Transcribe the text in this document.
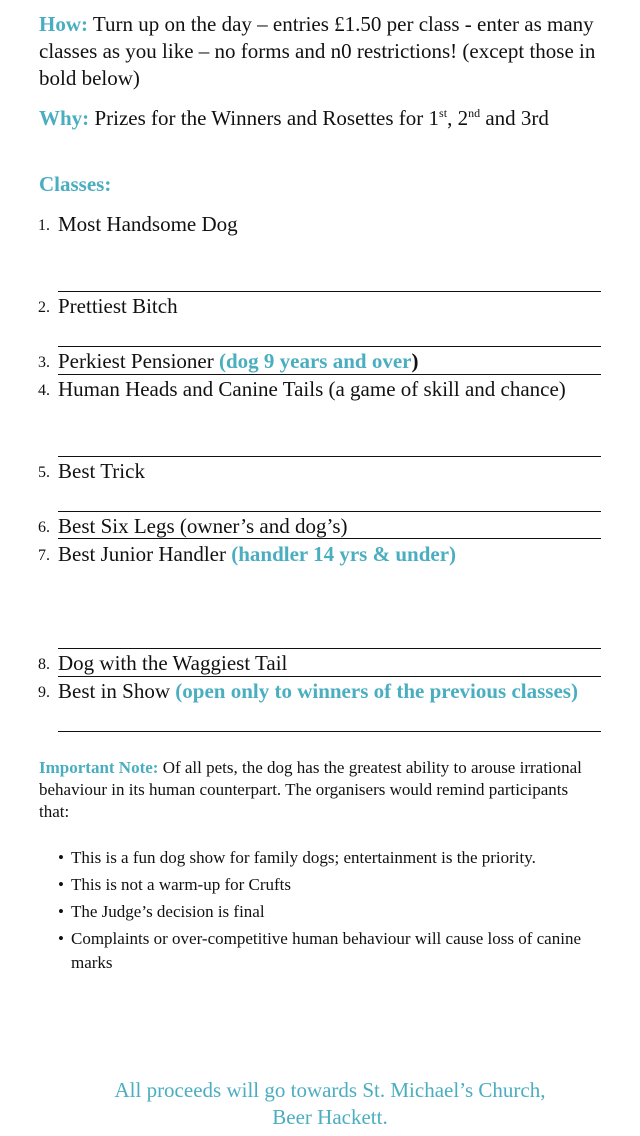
How: Turn up on the day – entries £1.50 per class - enter as many classes as you like – no forms and n0 restrictions! (except those in bold below)

Why: Prizes for the Winners and Rosettes for 1st, 2nd and 3rd

Classes:
1. Most Handsome Dog
2. Prettiest Bitch
3. Perkiest Pensioner (dog 9 years and over)
4. Human Heads and Canine Tails (a game of skill and chance)
5. Best Trick
6. Best Six Legs (owner’s and dog’s)
7. Best Junior Handler (handler 14 yrs & under)
8. Dog with the Waggiest Tail
9. Best in Show (open only to winners of the previous classes)

Important Note: Of all pets, the dog has the greatest ability to arouse irrational behaviour in its human counterpart. The organisers would remind participants that:

• This is a fun dog show for family dogs; entertainment is the priority.
• This is not a warm-up for Crufts
• The Judge’s decision is final
• Complaints or over-competitive human behaviour will cause loss of canine marks
All proceeds will go towards St. Michael’s Church,
Beer Hackett.
